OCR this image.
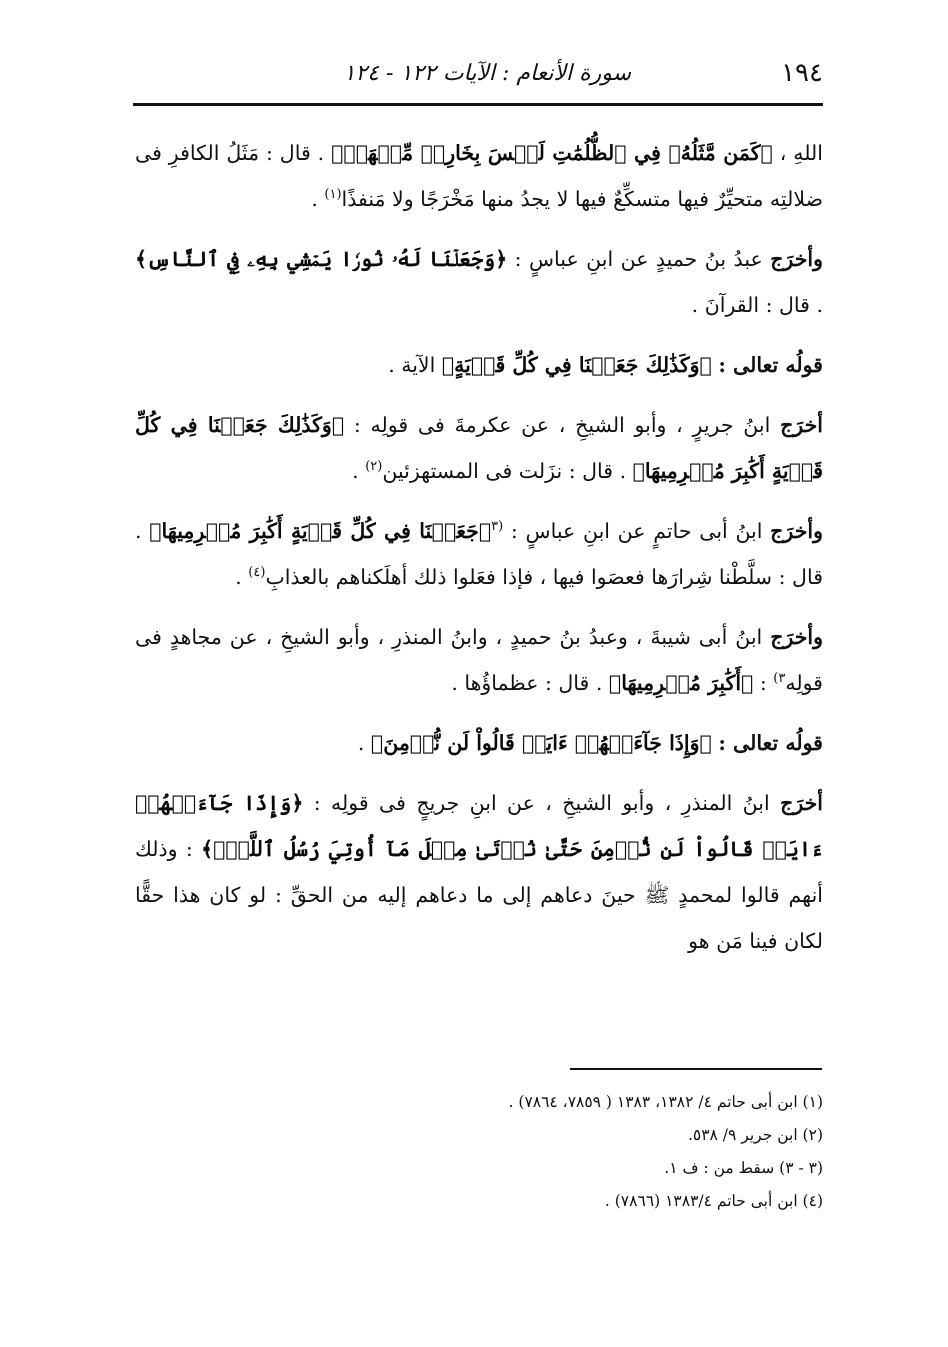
١٩٤
سورة الأنعام : الآيات ١٢٢ - ١٢٤

اللهِ ، ﴿كَمَن مَّثَلُهُۥ فِي ٱلظُّلُمَٰتِ لَيۡسَ بِخَارِجٖ مِّنۡهَاۚ﴾ . قال : مَثَلُ الكافرِ فى ضلالتِه متحيِّرٌ فيها متسكِّعٌ فيها لا يجدُ منها مَخْرَجًا ولا مَنفذًا$^{(١)}$ .

وأخرَج عبدُ بنُ حميدٍ عن ابنِ عباسٍ : ﴿وَجَعَلۡنَا لَهُۥ نُورٗا يَمۡشِي بِهِۦ فِي ٱلنَّاسِ﴾ . قال : القرآنَ .

قولُه تعالى : ﴿وَكَذَٰلِكَ جَعَلۡنَا فِي كُلِّ قَرۡيَةٍ﴾ الآية .

أخرَج ابنُ جريرٍ ، وأبو الشيخِ ، عن عكرمةَ فى قولِه : ﴿وَكَذَٰلِكَ جَعَلۡنَا فِي كُلِّ قَرۡيَةٍ أَكَٰبِرَ مُجۡرِمِيهَا﴾ . قال : نزَلت فى المستهزئين$^{(٢)}$ .

وأخرَج ابنُ أبى حاتمٍ عن ابنِ عباسٍ : $^{(٣}$﴿جَعَلۡنَا فِي كُلِّ قَرۡيَةٍ أَكَٰبِرَ مُجۡرِمِيهَا﴾ . قال : سلَّطْنا شِرارَها فعصَوا فيها ، فإذا فعَلوا ذلك أهلَكناهم بالعذابِ$^{(٤)}$ .

وأخرَج ابنُ أبى شيبةَ ، وعبدُ بنُ حميدٍ ، وابنُ المنذرِ ، وأبو الشيخِ ، عن مجاهدٍ فى قولِه$^{٣)}$ : ﴿أَكَٰبِرَ مُجۡرِمِيهَا﴾ . قال : عظماؤُها .

قولُه تعالى : ﴿وَإِذَا جَآءَتۡهُمۡ ءَايَةٞ قَالُواْ لَن نُّؤۡمِنَ﴾ .

أخرَج ابنُ المنذرِ ، وأبو الشيخِ ، عن ابنِ جريجٍ فى قولِه : ﴿وَإِذَا جَآءَتۡهُمۡ ءَايَةٞ قَالُواْ لَن نُّؤۡمِنَ حَتَّىٰ نُؤۡتَىٰ مِثۡلَ مَآ أُوتِيَ رُسُلُ ٱللَّهِۘ﴾ : وذلك أنهم قالوا لمحمدٍ ﷺ حينَ دعاهم إلى ما دعاهم إليه من الحقِّ : لو كان هذا حقًّا لكان فينا مَن هو

(١) ابن أبى حاتم ٤/ ١٣٨٢، ١٣٨٣ ( ٧٨٥٩، ٧٨٦٤) .
(٢) ابن جرير ٩/ ٥٣٨.
(٣ - ٣) سقط من : ف ١.
(٤) ابن أبى حاتم ١٣٨٣/٤ (٧٨٦٦) .
